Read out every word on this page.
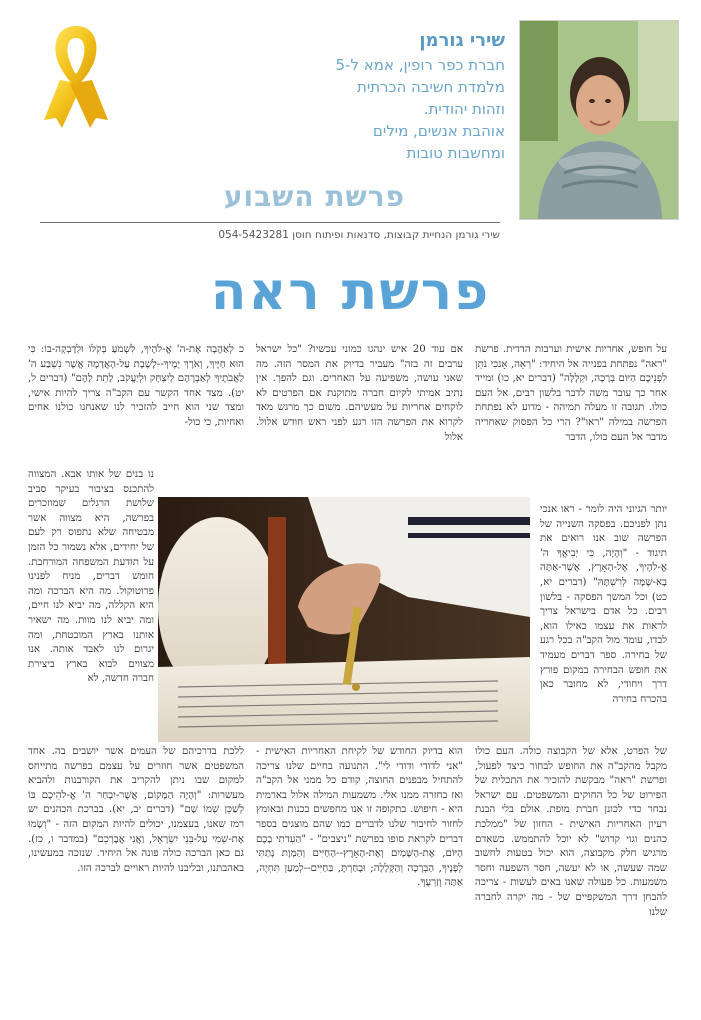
שירי גורמן
חברת כפר רופין, אמא ל-5
מלמדת חשיבה הכרתית
וזהות יהודית.
אוהבת אנשים, מילים
ומחשבות טובות
פרשת השבוע
שירי גורמן הנחיית קבוצות, סדנאות ופיתוח חוסן 054-5423281
פרשת ראה

על חופש, אחריות אישית וערבות הדדית. פרשת "ראה" נפתחת בפנייה אל היחיד: "רְאֵה, אָנֹכִי נֹתֵן לִפְנֵיכֶם הַיּוֹם בְּרָכָה, וּקְלָלָה" (דברים יא, כו) ומייד אחר כך עובר משה לדבר בלשון רבים, אל העם כולו. תגובה זו מעלה תמיהה - מדוע לא נפתחת הפרשה במילה "ראו"? הרי כל הפסוק שאחריה מדבר אל העם כולו, הדבר

יותר הגיוני היה לומר - ראו אנכי נתן לפניכם. בפסקה השנייה של הפרשה שוב אנו רואים את תיגוד - "וְהָיָה, כִּי יְבִיאֲךָ ה' אֱ-לֹהֶיךָ, אֶל-הָאָרֶץ, אֲשֶׁר-אַתָּה בָא-שָׁמָּה לְרִשְׁתָּהּ" (דברים יא, כט) וכל המשך הפסקה - בלשון רבים. כל אדם בישראל צריך לראות את עצמו כאילו הוא, לבדו, עומד מול הקב"ה בכל רגע של בחירה. ספר דברים מעמיד את חופש הבחירה במקום פורץ דרך ויחודי, לא מחובר כאן בהכרח בחירה

של הפרט, אלא של הקבוצה כולה. העם כולו מקבל מהקב"ה את החופש לבחור כיצד לפעול, ופרשת "ראה" מבקשת להזכיר את התכלית של הפירוט של כל החוקים והמשפטים. עם ישראל נבחר כדי לכונן חברת מופת. אולם בלי הבנת רעיון האחריות האישית - החזון של "ממלכת כהנים וגוי קדוש" לא יוכל להתממש. כשאדם מרגיש חלק מקבוצה, הוא יכול בטעות לחשוב שמה שעשה, או לא יעשה, חסר השפעה וחסר משמעות. כל פעולה שאנו באים לעשות - צריכה להבחן דרך המשקפיים של - מה יקרה לחברה שלנו

אם עוד 20 איש ינהגו כמוני עכשיו? "כל ישראל ערבים זה בזה" מעביר בדיוק את המסר הזה. מה שאני עושה, משפיעה על האחרים. וגם להפך. אין נתיב אמיתי לקיום חברה מתוקנת אם הפרטים לא לוקחים אחריות על מעשיהם. משום כך מרגש מאד לקרוא את הפרשה הזו רגע לפני ראש חודש אלול. אלול

הוא בדיוק החודש של לקיחת האחריות האישית - "אני לדודי ודודי לי". התנועה בחיים שלנו צריכה להתחיל מבפנים החוצה, קודם כל ממני אל הקב"ה ואז בחזרה ממנו אלי. משמעות המילה אלול בארמית היא - חיפוש. בתקופה זו אנו מחפשים בכנות ובאומץ לחזור לחיבור שלנו לדברים כמו שהם מוצגים בספר דברים לקראת סופו בפרשת "ניצבים" - "הַעִדֹתִי בָכֶם הַיּוֹם, אֶת-הַשָּׁמַיִם וְאֶת-הָאָרֶץ--הַחַיִּים וְהַמָּוֶת נָתַתִּי לְפָנֶיךָ, הַבְּרָכָה וְהַקְּלָלָה; וּבָחַרְתָּ, בַּחַיִּים--לְמַעַן תִּחְיֶה, אַתָּה וְזַרְעֶךָ.

כ לְאַהֲבָה אֶת-ה' אֱ-לֹהֶיךָ, לִשְׁמֹעַ בְּקֹלוֹ וּלְדָבְקָה-בוֹ: כִּי הוּא חַיֶּיךָ, וְאֹרֶךְ יָמֶיךָ--לָשֶׁבֶת עַל-הָאֲדָמָה אֲשֶׁר נִשְׁבַּע ה' לַאֲבֹתֶיךָ לְאַבְרָהָם לְיִצְחָק וּלְיַעֲקֹב, לָתֵת לָהֶם" (דברים ל, יט). מצד אחד הקשר עם הקב"ה צריך להיות אישי, ומצד שני הוא חייב להזכיר לנו שאנחנו כולנו אחים ואחיות, כי כול-

נו בנים של אותו אבא. המצווה להתכנס בציבור בעיקר סביב שלושת הרגלים שמוזכרים בפרשה, היא מצווה אשר מבטיחה שלא נתפוס רק לעם של יחידים, אלא נשמור כל הזמן על תודעת המשפחה המורחבת. חומש דברים, מניח לפנינו פרוטוקול. מה היא הברכה ומה היא הקללה, מה יביא לנו חיים, ומה יביא לנו מוות. מה ישאיר אותנו בארץ המובטחת, ומה יגרום לנו לאבד אותה. אנו מצווים לבוא בארץ ביצירת חברה חדשה, לא

ללכת בדרכיהם של העמים אשר יושבים בה. אחד המשפטים אשר חוזרים על עצמם בפרשה מתייחס למקום שבו ניתן להקריב את הקורבנות ולהביא מעשרות: "וְהָיָה הַמָּקוֹם, אֲשֶׁר-יִבְחַר ה' אֱ-לֹהֵיכֶם בּוֹ לְשַׁכֵּן שְׁמוֹ שָׁם" (דברים יב, יא). בברכת הכהנים יש רמז שאנו, בעצמנו, יכולים להיות המקום הזה - "וְשָׂמוּ אֶת-שְׁמִי עַל-בְּנֵי יִשְׂרָאֵל, וַאֲנִי אֲבָרְכֵם" (במדבר ו, כז). גם כאן הברכה כולה פונה אל היחיד. שנזכה במעשינו, באהבתנו, ובליבנו להיות ראויים לברכה הזו.
